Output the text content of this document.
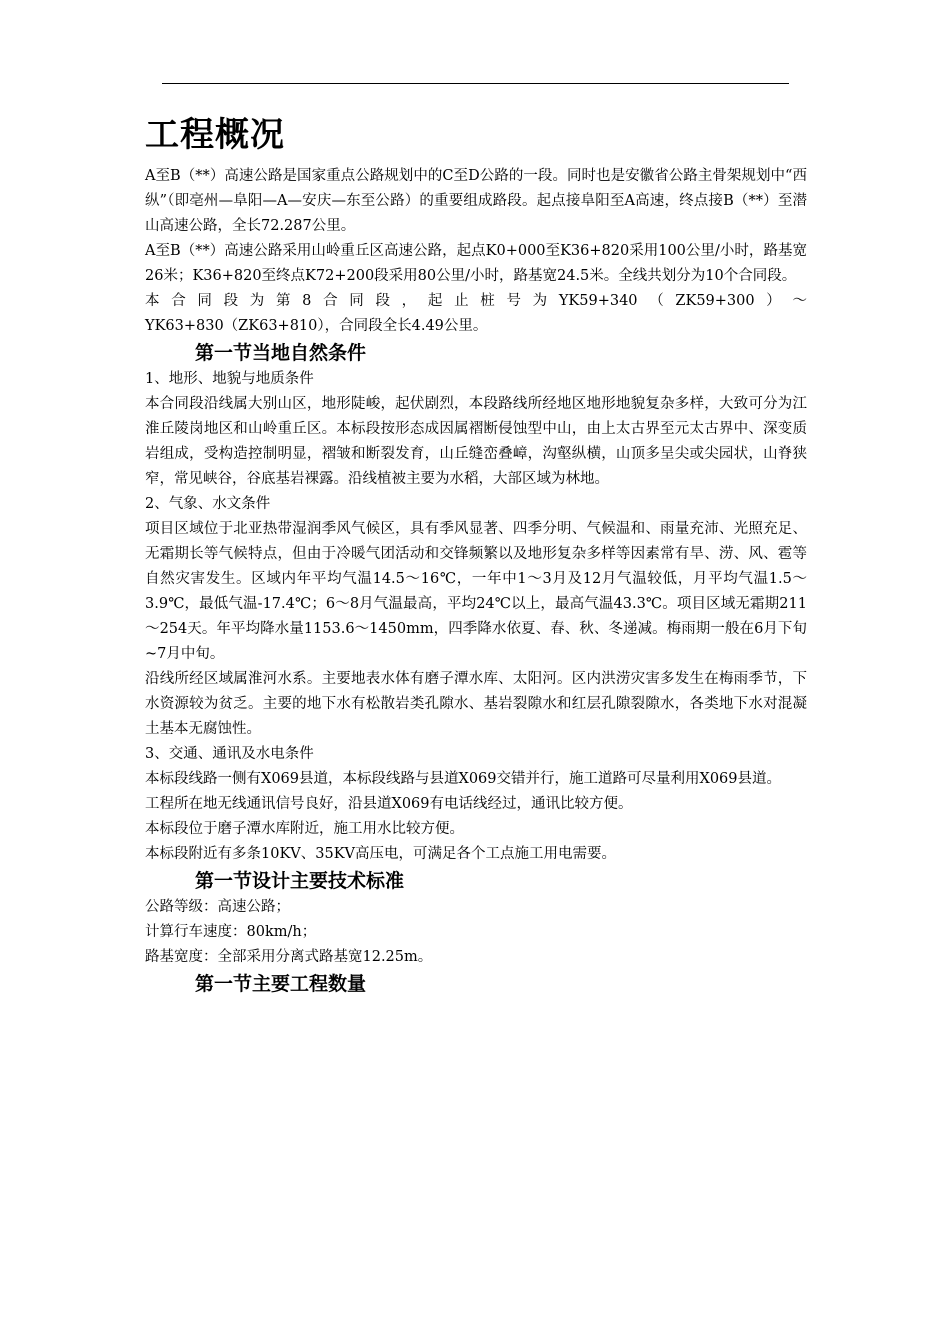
工程概况

A至B（**）高速公路是国家重点公路规划中的C至D公路的一段。同时也是安徽省公路主骨架规划中“西纵”（即亳州—阜阳—A—安庆—东至公路）的重要组成路段。起点接阜阳至A高速，终点接B（**）至潜山高速公路，全长72.287公里。

A至B（**）高速公路采用山岭重丘区高速公路，起点K0+000至K36+820采用100公里/小时，路基宽26米；K36+820至终点K72+200段采用80公里/小时，路基宽24.5米。全线共划分为10个合同段。

本合同段为第8合同段，起止桩号为YK59+340（ZK59+300）～

YK63+830（ZK63+810），合同段全长4.49公里。

第一节当地自然条件

1、地形、地貌与地质条件

本合同段沿线属大别山区，地形陡峻，起伏剧烈，本段路线所经地区地形地貌复杂多样，大致可分为江淮丘陵岗地区和山岭重丘区。本标段按形态成因属褶断侵蚀型中山，由上太古界至元太古界中、深变质岩组成，受构造控制明显，褶皱和断裂发育，山丘缝峦叠嶂，沟壑纵横，山顶多呈尖或尖园状，山脊狭窄，常见峡谷，谷底基岩裸露。沿线植被主要为水稻，大部区域为林地。

2、气象、水文条件

项目区域位于北亚热带湿润季风气候区，具有季风显著、四季分明、气候温和、雨量充沛、光照充足、无霜期长等气候特点，但由于冷暖气团活动和交锋频繁以及地形复杂多样等因素常有旱、涝、风、雹等自然灾害发生。区域内年平均气温14.5～16℃，一年中1～3月及12月气温较低，月平均气温1.5～3.9℃，最低气温-17.4℃；6～8月气温最高，平均24℃以上，最高气温43.3℃。项目区域无霜期211～254天。年平均降水量1153.6～1450mm，四季降水依夏、春、秋、冬递减。梅雨期一般在6月下旬~7月中旬。

沿线所经区域属淮河水系。主要地表水体有磨子潭水库、太阳河。区内洪涝灾害多发生在梅雨季节，下水资源较为贫乏。主要的地下水有松散岩类孔隙水、基岩裂隙水和红层孔隙裂隙水，各类地下水对混凝土基本无腐蚀性。

3、交通、通讯及水电条件

本标段线路一侧有X069县道，本标段线路与县道X069交错并行，施工道路可尽量利用X069县道。

工程所在地无线通讯信号良好，沿县道X069有电话线经过，通讯比较方便。

本标段位于磨子潭水库附近，施工用水比较方便。

本标段附近有多条10KV、35KV高压电，可满足各个工点施工用电需要。

第一节设计主要技术标准

公路等级：高速公路；

计算行车速度：80km/h；

路基宽度：全部采用分离式路基宽12.25m。

第一节主要工程数量
